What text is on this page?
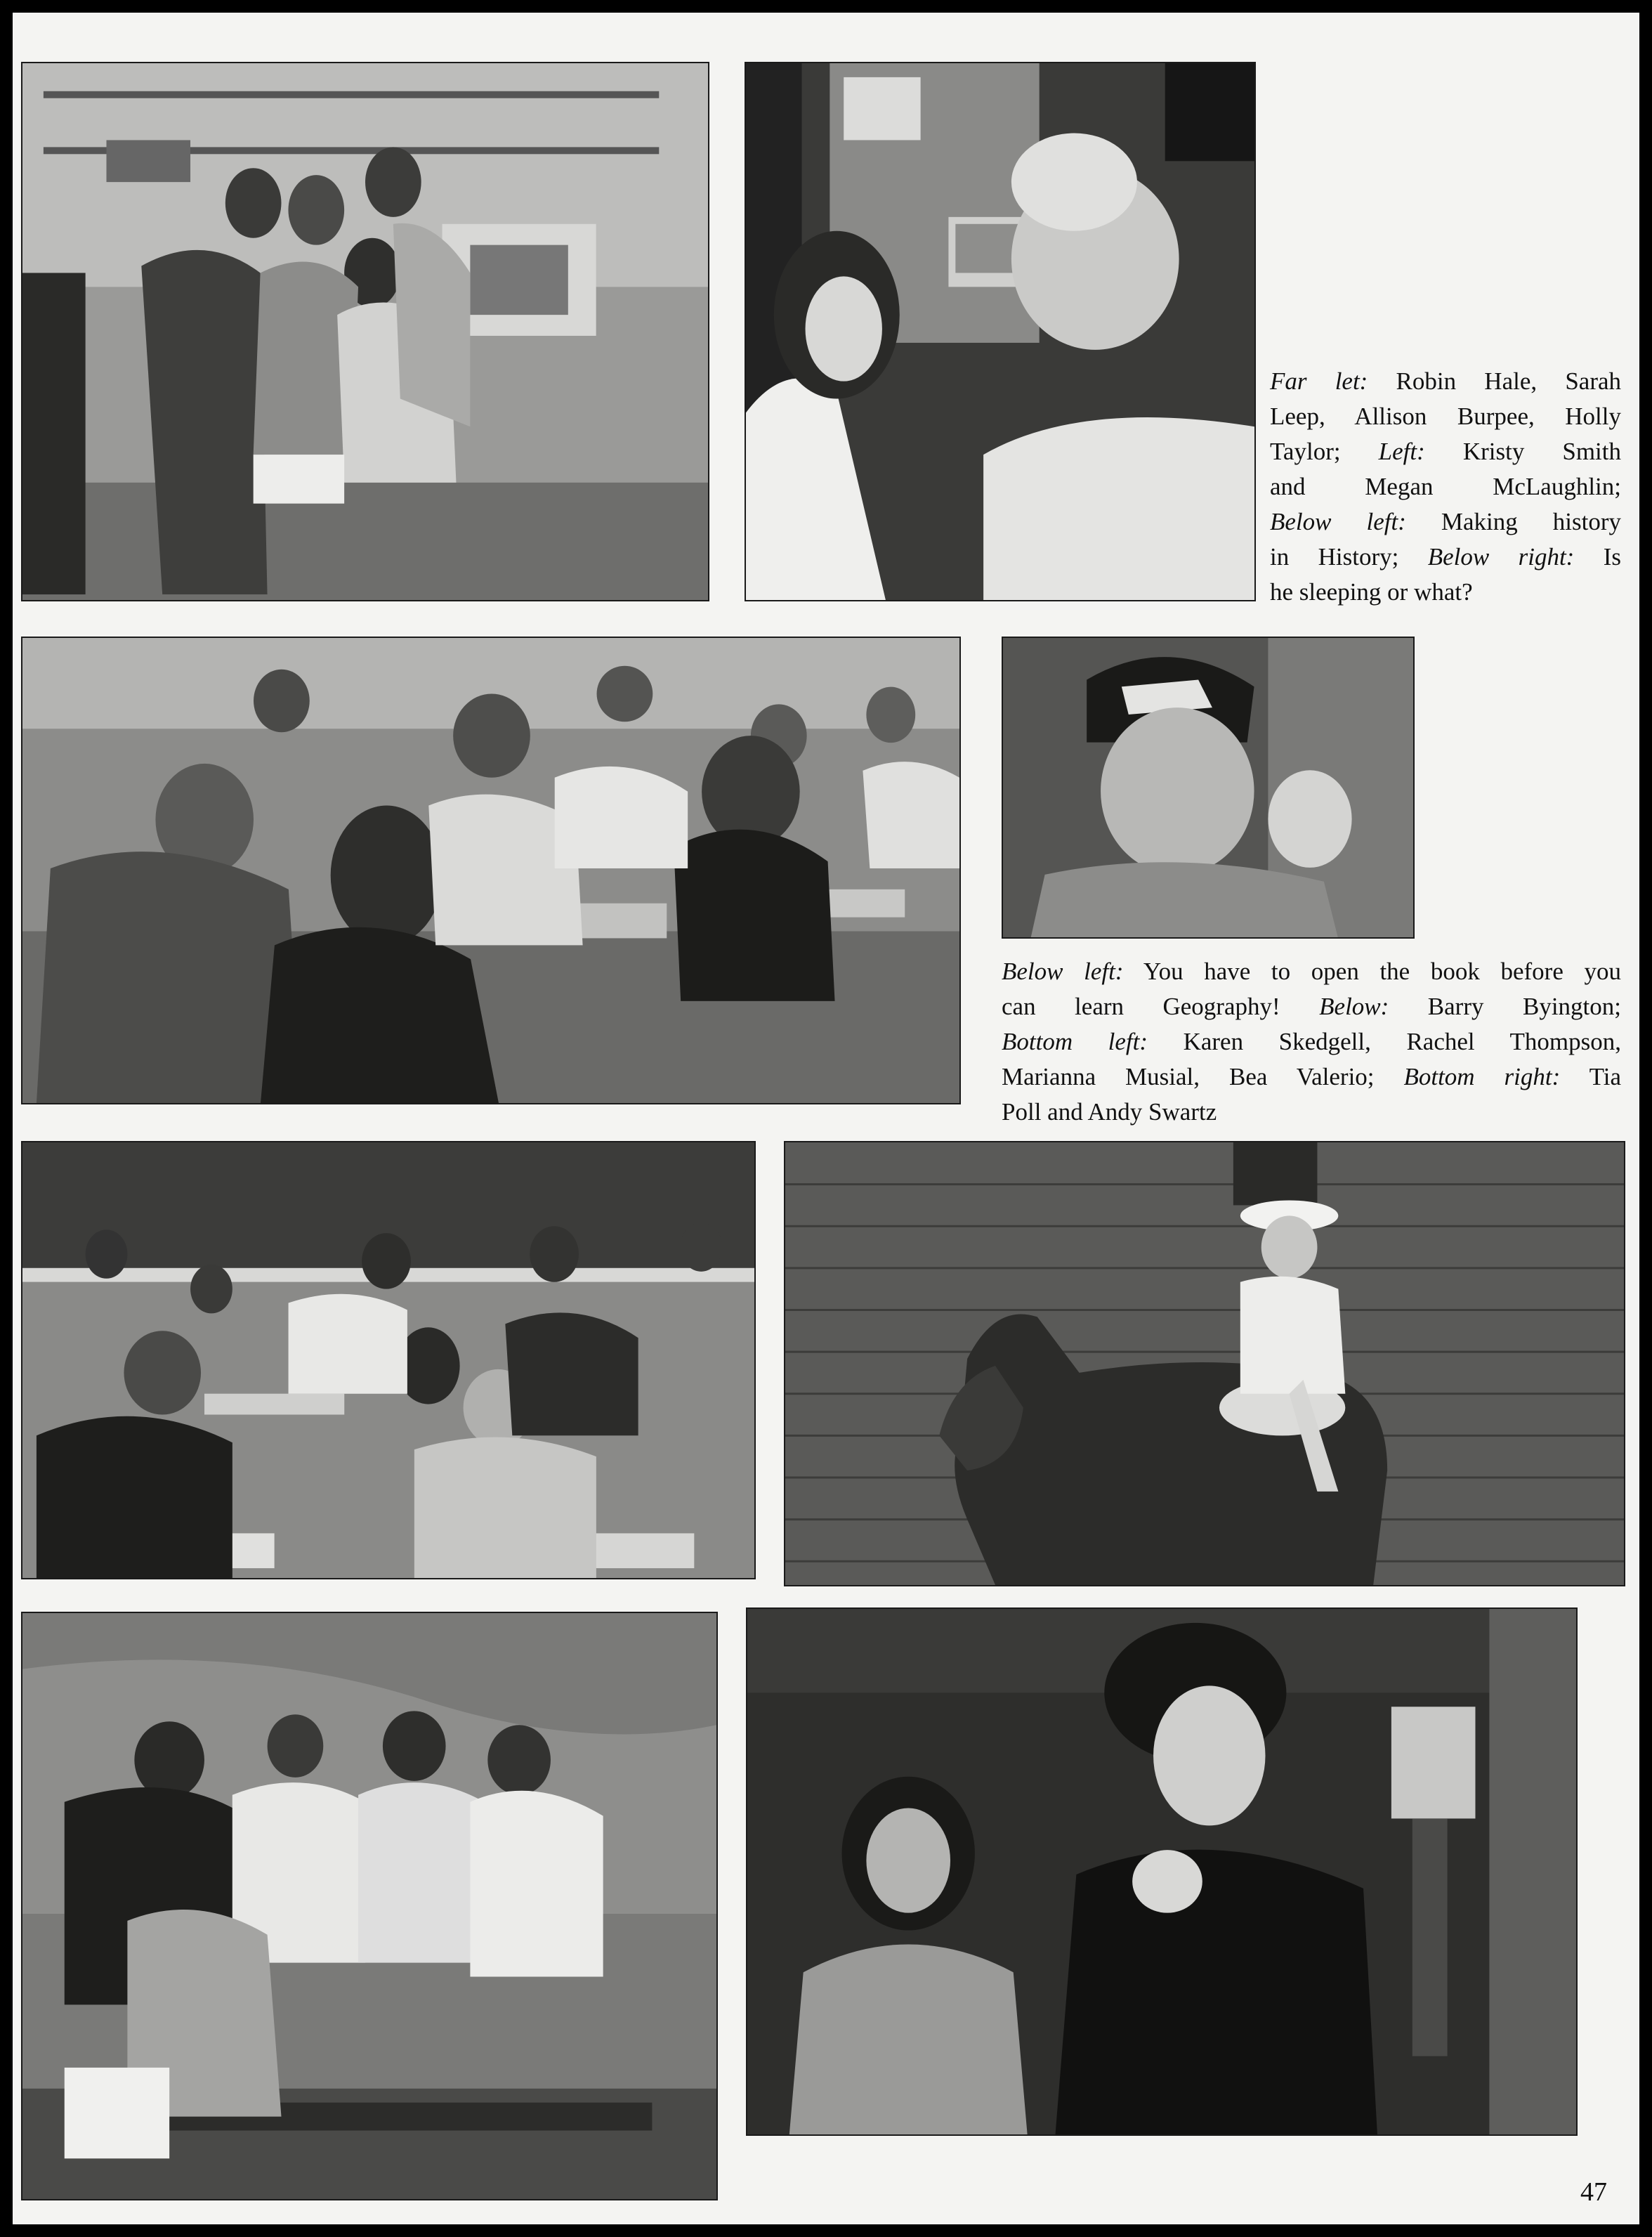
Far let: Robin Hale, Sarah
Leep, Allison Burpee, Holly
Taylor; Left: Kristy Smith
and Megan McLaughlin;
Below left: Making history
in History; Below right: Is
he sleeping or what?
Below left: You have to open the book before you
can learn Geography! Below: Barry Byington;
Bottom left: Karen Skedgell, Rachel Thompson,
Marianna Musial, Bea Valerio; Bottom right: Tia
Poll and Andy Swartz
47
